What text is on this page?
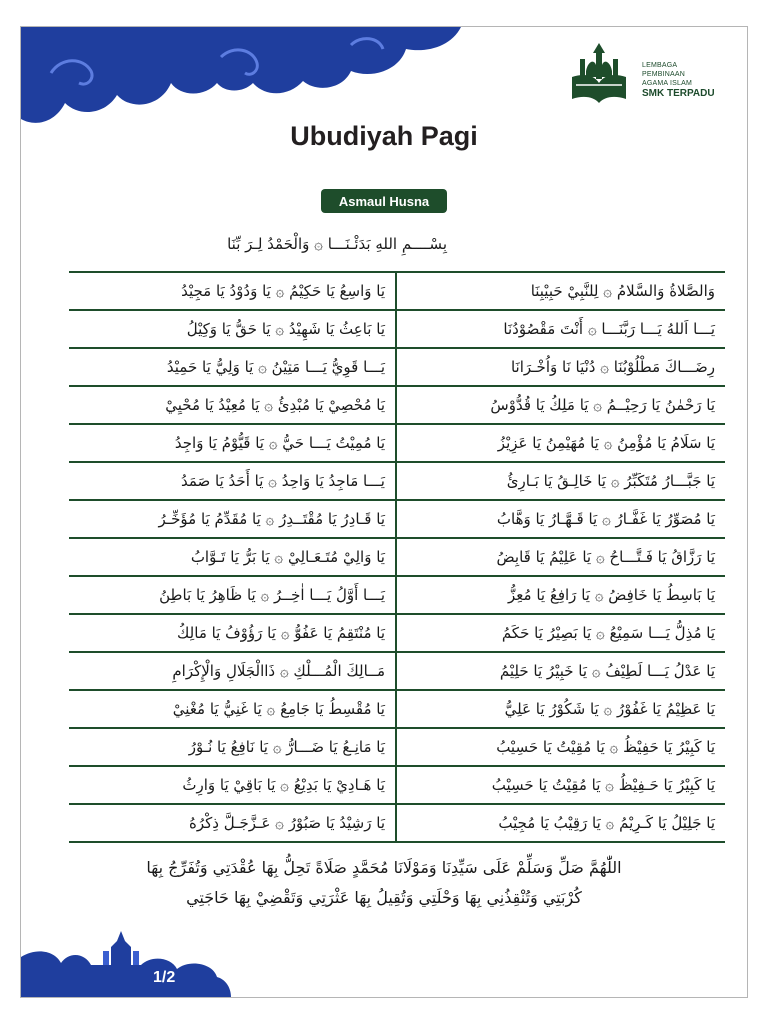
LEMBAGA
PEMBINAAN
AGAMA ISLAM
SMK TERPADU
Ubudiyah Pagi
Asmaul Husna
بِسْــــمِ اللهِ بَدَئْـنَـــا ۞ وَالْحَمْدُ لِـرَ بِّنَا
يَا وَاسِعُ يَا حَكِيْمُ ۞ يَا وَدُوْدُ يَا مَجِيْدُ	وَالصَّلاةُ وَالسَّلامُ ۞ لِلنَّبِيْ حَبِيْبِنَا
يَا بَاعِثُ يَا شَهِيْدُ ۞ يَا حَقُّ يَا وَكِيْلُ	يَـــا اَللهُ يَـــا رَبَّنَـــا ۞ أَنْتَ مَقْصُوْدُنَا
يَـــا قَوِيُّ يَـــا مَتِيْنُ ۞ يَا وَلِيُّ يَا حَمِيْدُ	رِضَـــاكَ مَطْلُوْبُنَا ۞ دُنْيَا نَا وَاُخْـرَانَا
يَا مُحْصِيْ يَا مُبْدِئُ ۞ يَا مُعِيْدُ يَا مُحْيِيْ	يَا رَحْمٰنُ يَا رَحِيْــمُ ۞ يَا مَلِكُ يَا قُدُّوْسُ
يَا مُمِيْتُ يَـــا حَيُّ ۞ يَا قَيُّوْمُ يَا وَاجِدُ	يَا سَلَامُ يَا مُؤْمِنُ ۞ يَا مُهَيْمِنُ يَا عَزِيْزُ
يَـــا مَاجِدُ يَا وَاحِدُ ۞ يَا أَحَدُ يَا صَمَدُ	يَا جَبَّـــارُ مُتَكَبِّرُ ۞ يَا خَالِـقُ يَا بَـارِئُ
يَا قَـادِرُ يَا مُقْتَــدِرُ ۞ يَا مُقَدِّمُ يَا مُؤَخِّـرُ	يَا مُصَوِّرُ يَا غَفَّـارُ ۞ يَا قَـهَّـارُ يَا وَهَّابُ
يَا وَالِيْ مُتَـعَـالِيْ ۞ يَا بَرُّ يَا تَـوَّابُ	يَا رَزَّاقُ يَا فَـتَّـــاحُ ۞ يَا عَلِيْمُ يَا قَابِضُ
يَـــا أَوَّلُ يَـــا اٰخِــرُ ۞ يَا ظَاهِرُ يَا بَاطِنُ	يَا بَاسِطُ يَا خَافِضُ ۞ يَا رَافِعُ يَا مُعِزُّ
يَا مُنْتَقِمُ يَا عَفُوُّ ۞ يَا رَؤُوْفُ يَا مَالِكُ	يَا مُذِلُّ يَـــا سَمِيْعُ ۞ يَا بَصِيْرُ يَا حَكَمُ
مَــالِكَ الْمُـــلْكِ ۞ ذَاالْجَلَالِ وَالْإِكْرَامِ	يَا عَدْلُ يَـــا لَطِيْفُ ۞ يَا خَبِيْرُ يَا حَلِيْمُ
يَا مُقْسِطُ يَا جَامِعُ ۞ يَا غَنِيُّ يَا مُغْنِيْ	يَا عَظِيْمُ يَا غَفُوْرُ ۞ يَا شَكُوْرُ يَا عَلِيُّ
يَا مَانِـعُ يَا ضَـــارُّ ۞ يَا نَافِعُ يَا نُـوْرُ	يَا كَبِيْرُ يَا حَفِيْظُ ۞ يَا مُقِيْتُ يَا حَسِيْبُ
يَا هَـادِيْ يَا بَدِيْعُ ۞ يَا بَاقِيْ يَا وَارِثُ	يَا كَبِيْرُ يَا حَـفِيْظُ ۞ يَا مُقِيْتُ يَا حَسِيْبُ
يَا رَشِيْدُ يَا صَبُوْرُ ۞ عَـزَّجَـلَّ ذِكْرُهُ	يَا جَلِيْلُ يَا كَـرِيْمُ ۞ يَا رَقِيْبُ يَا مُجِيْبُ
اللّٰهُمَّ صَلِّ وَسَلِّمْ عَلَى سَيِّدِنَا وَمَوْلَانَا مُحَمَّدٍ صَلَاةً تَحِلُّ بِهَا عُقْدَتِي وَتُفَرِّجُ بِهَا
كُرْبَتِي وَتُنْقِذُنِي بِهَا وَحْلَتِي وَتُقِيلُ بِهَا عَثْرَتِي وَتَقْضِيْ بِهَا حَاجَتِي
1/2
